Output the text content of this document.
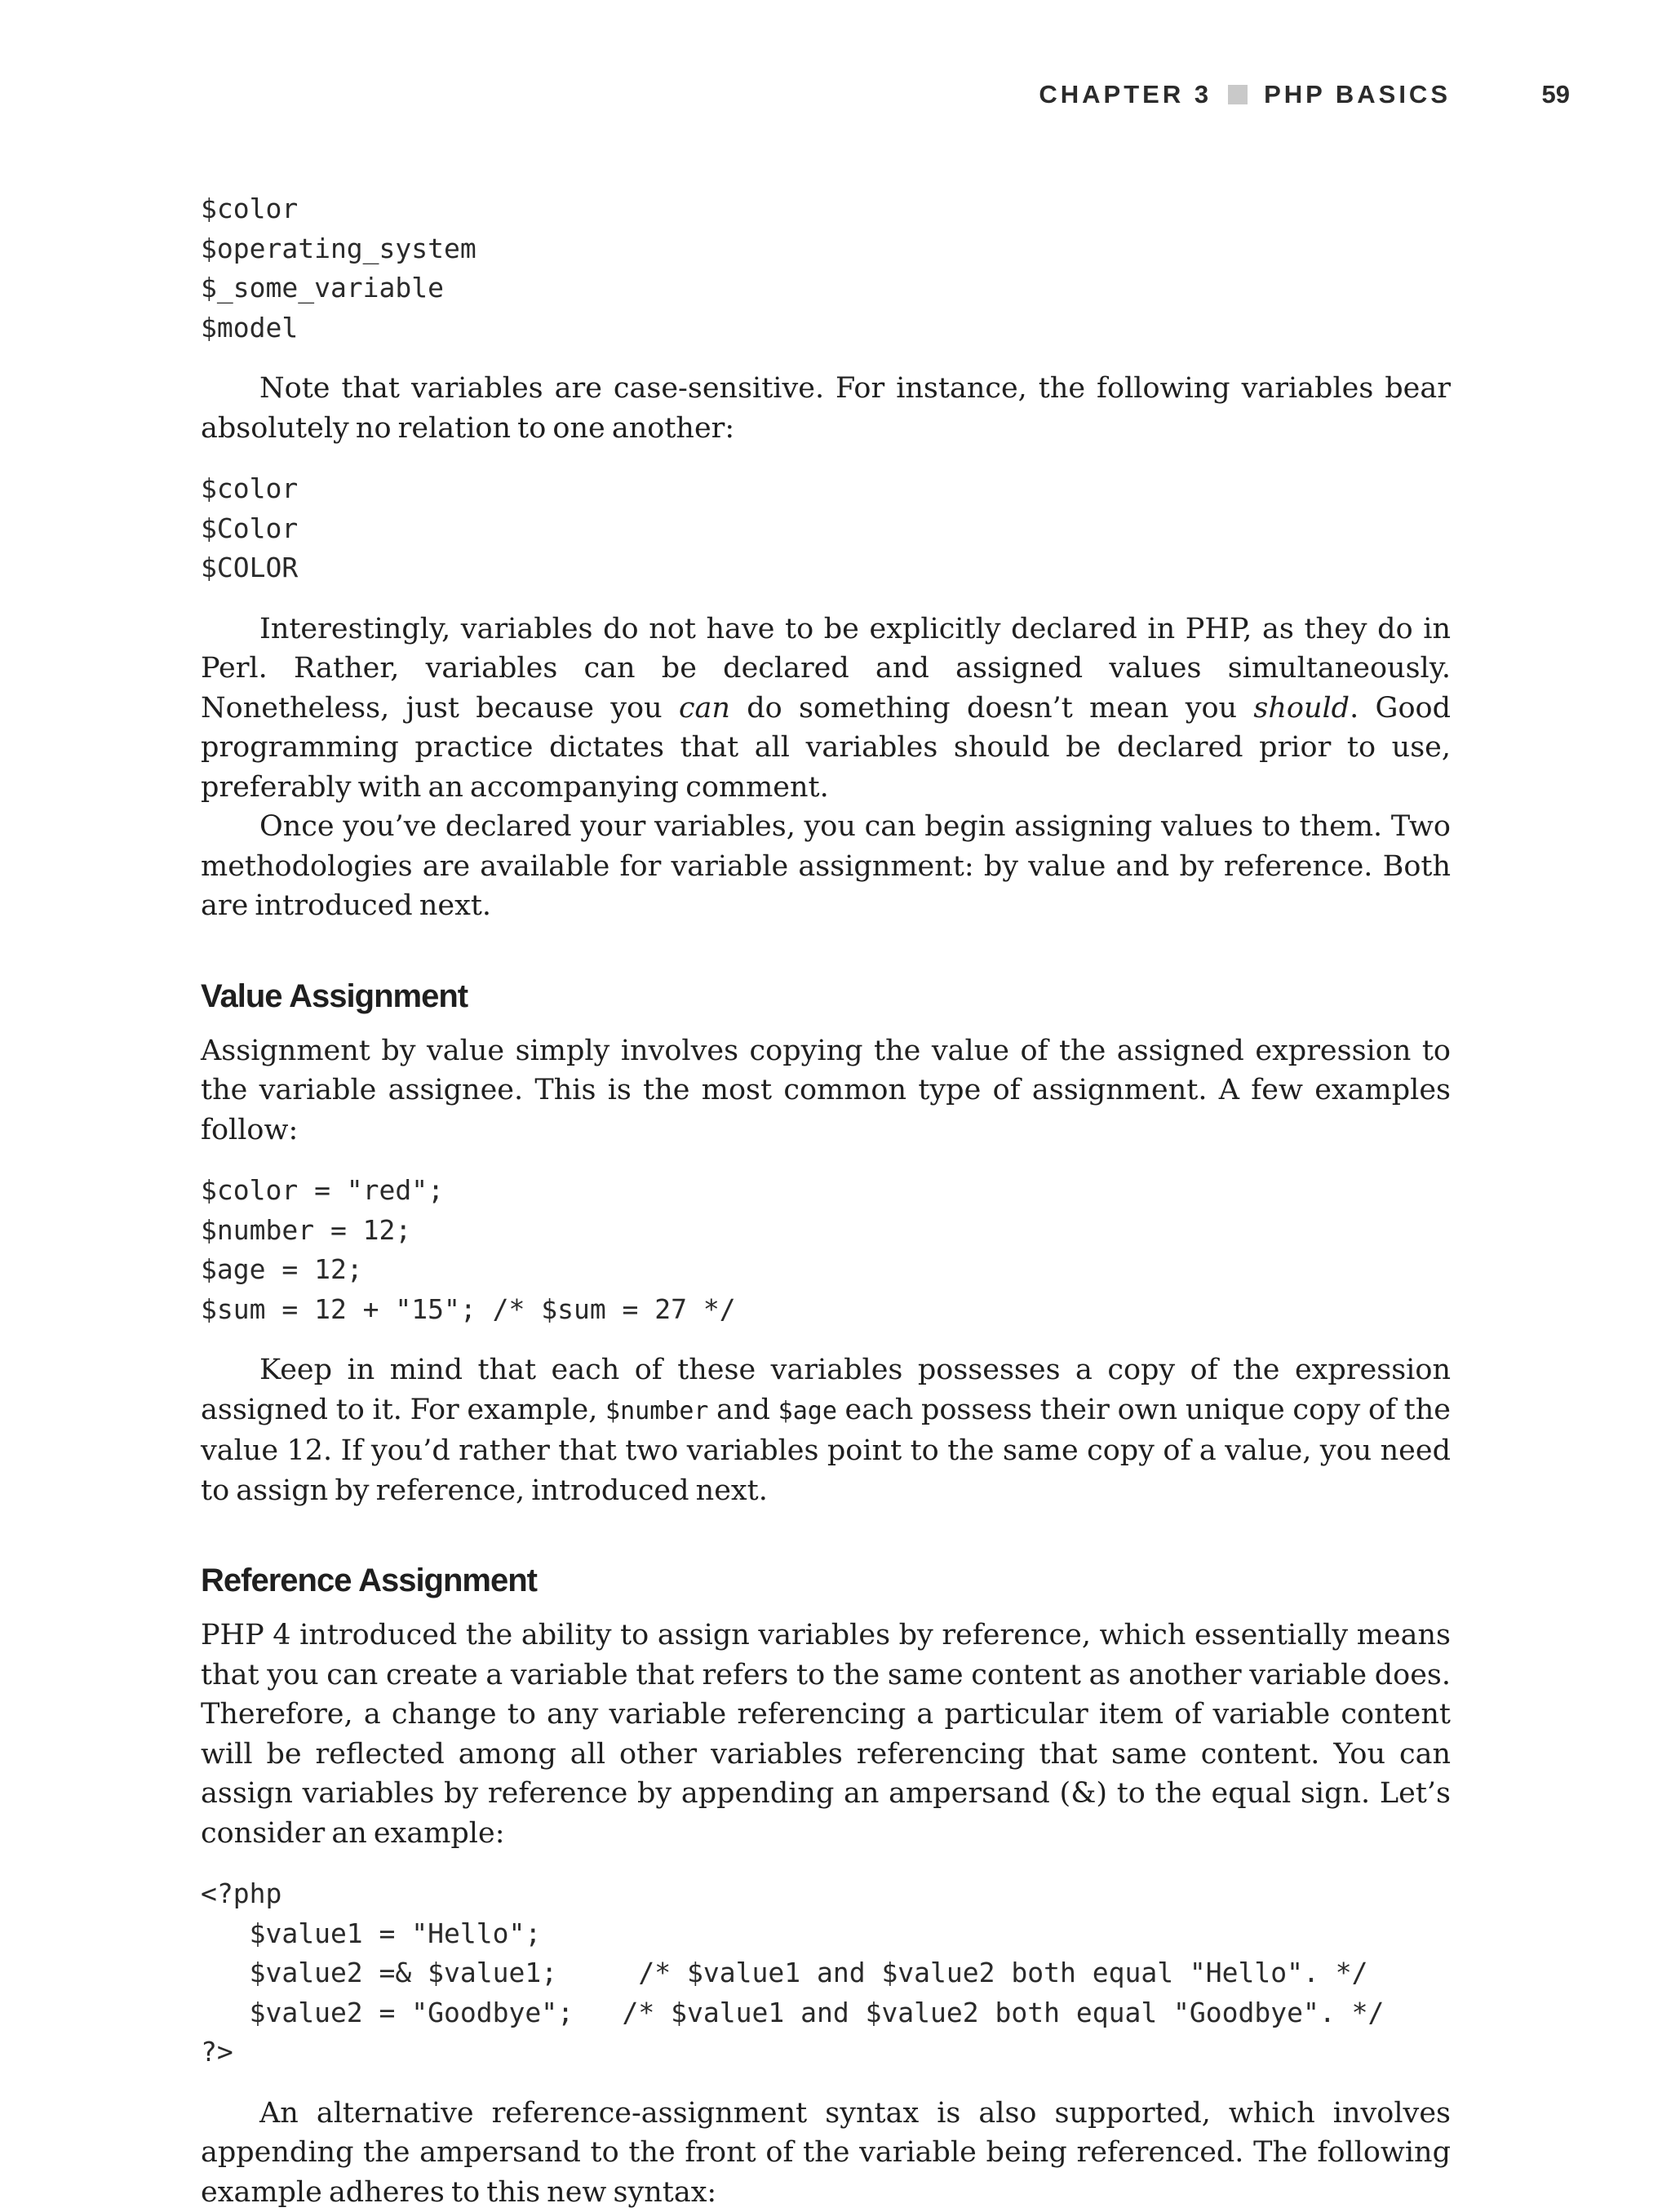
CHAPTER 3 PHP BASICS	59
$color
$operating_system
$_some_variable
$model

Note that variables are case-sensitive. For instance, the following variables bear absolutely no relation to one another:

$color
$Color
$COLOR

Interestingly, variables do not have to be explicitly declared in PHP, as they do in Perl. Rather, variables can be declared and assigned values simultaneously. Nonetheless, just because you can do something doesn’t mean you should. Good programming practice dictates that all variables should be declared prior to use, preferably with an accompanying comment.

Once you’ve declared your variables, you can begin assigning values to them. Two methodologies are available for variable assignment: by value and by reference. Both are introduced next.

Value Assignment

Assignment by value simply involves copying the value of the assigned expression to the variable assignee. This is the most common type of assignment. A few examples follow:

$color = "red";
$number = 12;
$age = 12;
$sum = 12 + "15"; /* $sum = 27 */

Keep in mind that each of these variables possesses a copy of the expression assigned to it. For example, $number and $age each possess their own unique copy of the value 12. If you’d rather that two variables point to the same copy of a value, you need to assign by reference, introduced next.

Reference Assignment

PHP 4 introduced the ability to assign variables by reference, which essentially means that you can create a variable that refers to the same content as another variable does. Therefore, a change to any variable referencing a particular item of variable content will be reflected among all other variables referencing that same content. You can assign variables by reference by appending an ampersand (&) to the equal sign. Let’s consider an example:

<?php
$value1 = "Hello";
$value2 =& $value1;     /* $value1 and $value2 both equal "Hello". */
$value2 = "Goodbye";   /* $value1 and $value2 both equal "Goodbye". */
?>

An alternative reference-assignment syntax is also supported, which involves appending the ampersand to the front of the variable being referenced. The following example adheres to this new syntax:
